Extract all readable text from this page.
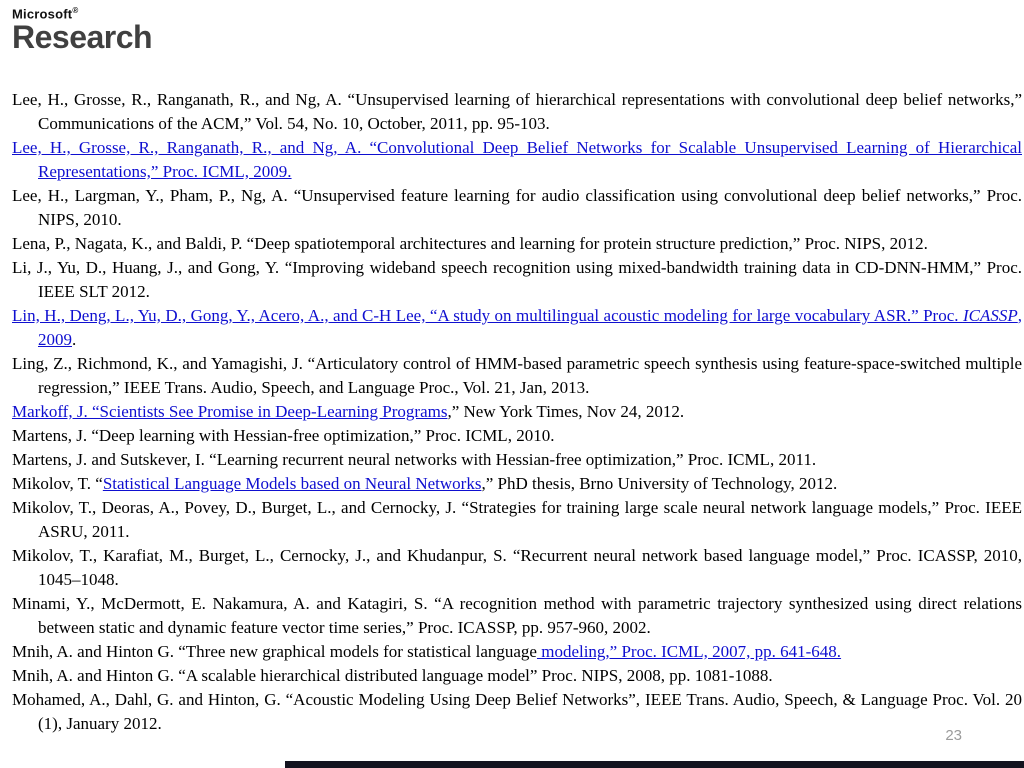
Microsoft®
Research

Lee, H., Grosse, R., Ranganath, R., and Ng, A. “Unsupervised learning of hierarchical representations with convolutional deep belief networks,” Communications of the ACM,” Vol. 54, No. 10, October, 2011, pp. 95-103.

Lee, H., Grosse, R., Ranganath, R., and Ng, A. “Convolutional Deep Belief Networks for Scalable Unsupervised Learning of Hierarchical Representations,” Proc. ICML, 2009.

Lee, H., Largman, Y., Pham, P., Ng, A. “Unsupervised feature learning for audio classification using convolutional deep belief networks,” Proc. NIPS, 2010.

Lena, P., Nagata, K., and Baldi, P. “Deep spatiotemporal architectures and learning for protein structure prediction,” Proc. NIPS, 2012.

Li, J., Yu, D., Huang, J., and Gong, Y. “Improving wideband speech recognition using mixed-bandwidth training data in CD-DNN-HMM,” Proc. IEEE SLT 2012.

Lin, H., Deng, L., Yu, D., Gong, Y., Acero, A., and C-H Lee, “A study on multilingual acoustic modeling for large vocabulary ASR.” Proc. ICASSP, 2009.

Ling, Z., Richmond, K., and Yamagishi, J. “Articulatory control of HMM-based parametric speech synthesis using feature-space-switched multiple regression,” IEEE Trans. Audio, Speech, and Language Proc., Vol. 21, Jan, 2013.

Markoff, J. “Scientists See Promise in Deep-Learning Programs,” New York Times, Nov 24, 2012.

Martens, J. “Deep learning with Hessian-free optimization,” Proc. ICML, 2010.

Martens, J. and Sutskever, I. “Learning recurrent neural networks with Hessian-free optimization,” Proc. ICML, 2011.

Mikolov, T. “Statistical Language Models based on Neural Networks,” PhD thesis, Brno University of Technology, 2012.

Mikolov, T., Deoras, A., Povey, D., Burget, L., and Cernocky, J. “Strategies for training large scale neural network language models,” Proc. IEEE ASRU, 2011.

Mikolov, T., Karafiat, M., Burget, L., Cernocky, J., and Khudanpur, S. “Recurrent neural network based language model,” Proc. ICASSP, 2010, 1045–1048.

Minami, Y., McDermott, E. Nakamura, A. and Katagiri, S. “A recognition method with parametric trajectory synthesized using direct relations between static and dynamic feature vector time series,” Proc. ICASSP, pp. 957-960, 2002.

Mnih, A. and Hinton G. “Three new graphical models for statistical language modeling,” Proc. ICML, 2007, pp. 641-648.

Mnih, A. and Hinton G. “A scalable hierarchical distributed language model” Proc. NIPS, 2008, pp. 1081-1088.

Mohamed, A., Dahl, G. and Hinton, G. “Acoustic Modeling Using Deep Belief Networks”, IEEE Trans. Audio, Speech, & Language Proc. Vol. 20 (1), January 2012.

23
